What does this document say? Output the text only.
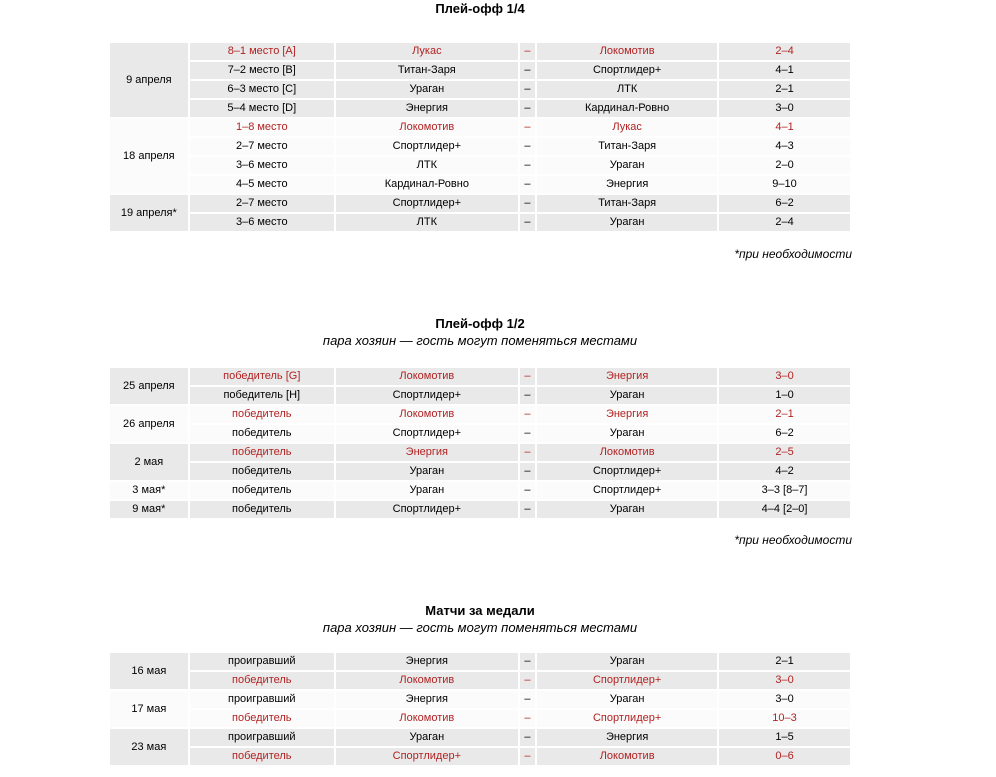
Плей-офф 1/4
9 апреля	8–1 место [A]	Лукас	–	Локомотив	2–4
	7–2 место [B]	Титан-Заря	–	Спортлидер+	4–1
	6–3 место [C]	Ураган	–	ЛТК	2–1
	5–4 место [D]	Энергия	–	Кардинал-Ровно	3–0
18 апреля	1–8 место	Локомотив	–	Лукас	4–1
	2–7 место	Спортлидер+	–	Титан-Заря	4–3
	3–6 место	ЛТК	–	Ураган	2–0
	4–5 место	Кардинал-Ровно	–	Энергия	9–10
19 апреля*	2–7 место	Спортлидер+	–	Титан-Заря	6–2
	3–6 место	ЛТК	–	Ураган	2–4
*при необходимости
Плей-офф 1/2
пара хозяин — гость могут поменяться местами
25 апреля	победитель [G]	Локомотив	–	Энергия	3–0
	победитель [H]	Спортлидер+	–	Ураган	1–0
26 апреля	победитель	Локомотив	–	Энергия	2–1
	победитель	Спортлидер+	–	Ураган	6–2
2 мая	победитель	Энергия	–	Локомотив	2–5
	победитель	Ураган	–	Спортлидер+	4–2
3 мая*	победитель	Ураган	–	Спортлидер+	3–3 [8–7]
9 мая*	победитель	Спортлидер+	–	Ураган	4–4 [2–0]
*при необходимости
Матчи за медали
пара хозяин — гость могут поменяться местами
16 мая	проигравший	Энергия	–	Ураган	2–1
	победитель	Локомотив	–	Спортлидер+	3–0
17 мая	проигравший	Энергия	–	Ураган	3–0
	победитель	Локомотив	–	Спортлидер+	10–3
23 мая	проигравший	Ураган	–	Энергия	1–5
	победитель	Спортлидер+	–	Локомотив	0–6
